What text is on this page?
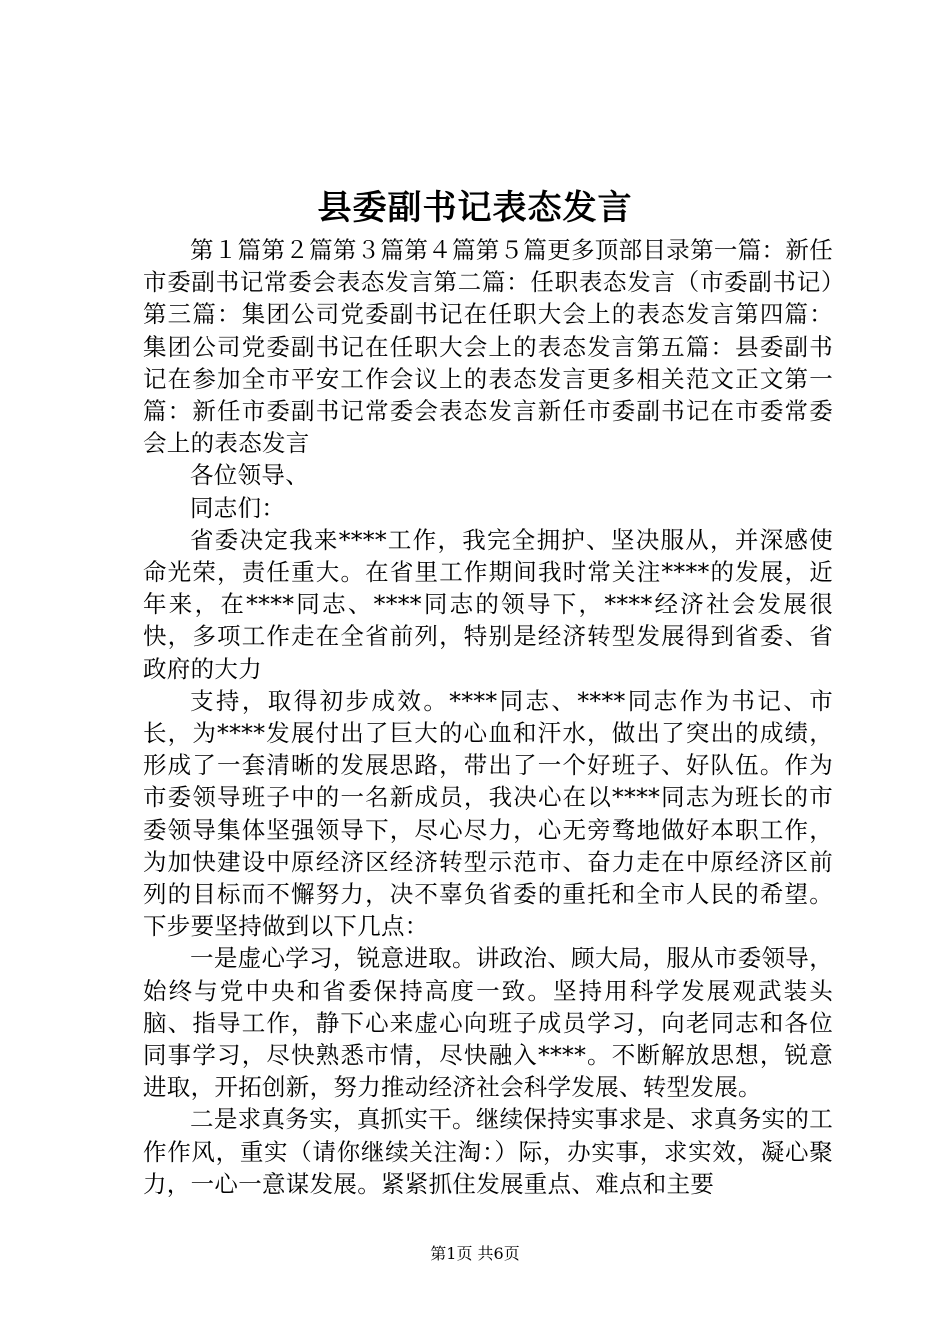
县委副书记表态发言

第１篇第２篇第３篇第４篇第５篇更多顶部目录第一篇：新任市委副书记常委会表态发言第二篇：任职表态发言（市委副书记）第三篇：集团公司党委副书记在任职大会上的表态发言第四篇：集团公司党委副书记在任职大会上的表态发言第五篇：县委副书记在参加全市平安工作会议上的表态发言更多相关范文正文第一篇：新任市委副书记常委会表态发言新任市委副书记在市委常委会上的表态发言

各位领导、

同志们：

省委决定我来****工作，我完全拥护、坚决服从，并深感使命光荣，责任重大。在省里工作期间我时常关注****的发展，近年来，在****同志、****同志的领导下，****经济社会发展很快，多项工作走在全省前列，特别是经济转型发展得到省委、省政府的大力

支持，取得初步成效。****同志、****同志作为书记、市长，为****发展付出了巨大的心血和汗水，做出了突出的成绩，形成了一套清晰的发展思路，带出了一个好班子、好队伍。作为市委领导班子中的一名新成员，我决心在以****同志为班长的市委领导集体坚强领导下，尽心尽力，心无旁骛地做好本职工作，为加快建设中原经济区经济转型示范市、奋力走在中原经济区前列的目标而不懈努力，决不辜负省委的重托和全市人民的希望。下步要坚持做到以下几点：

一是虚心学习，锐意进取。讲政治、顾大局，服从市委领导，始终与党中央和省委保持高度一致。坚持用科学发展观武装头脑、指导工作，静下心来虚心向班子成员学习，向老同志和各位同事学习，尽快熟悉市情，尽快融入****。不断解放思想，锐意进取，开拓创新，努力推动经济社会科学发展、转型发展。

二是求真务实，真抓实干。继续保持实事求是、求真务实的工作作风，重实（请你继续关注淘：）际，办实事，求实效，凝心聚力，一心一意谋发展。紧紧抓住发展重点、难点和主要

第1页 共6页
